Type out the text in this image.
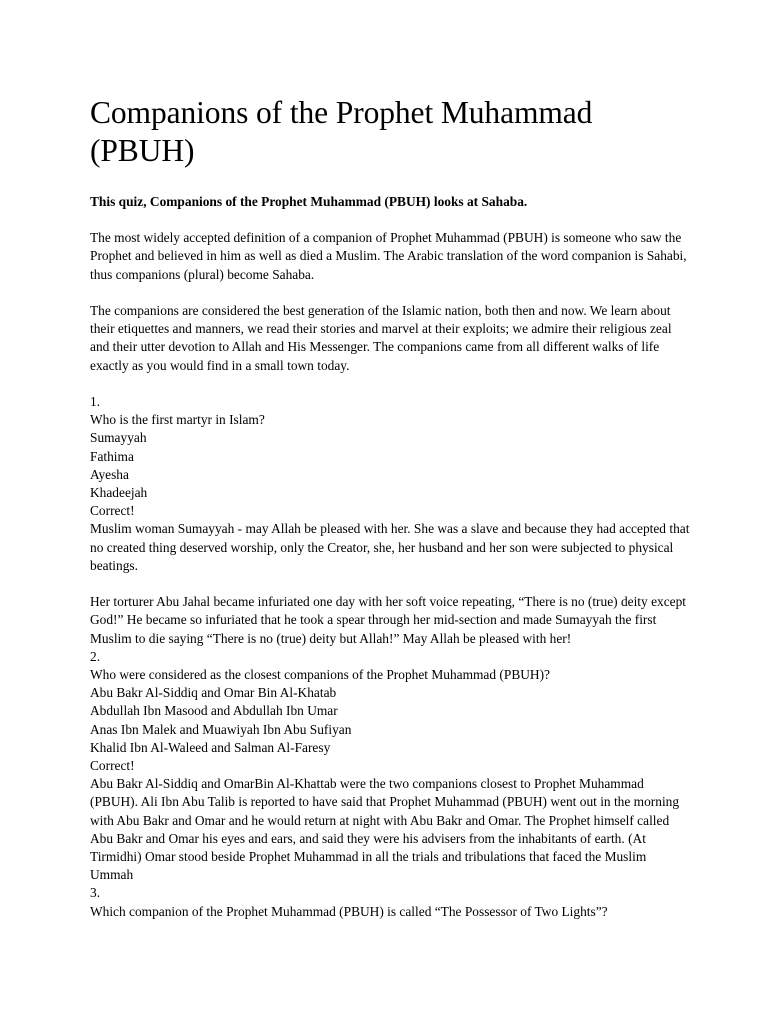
Companions of the Prophet Muhammad (PBUH)

This quiz, Companions of the Prophet Muhammad (PBUH) looks at Sahaba.

The most widely accepted definition of a companion of Prophet Muhammad (PBUH) is someone who saw the Prophet and believed in him as well as died a Muslim. The Arabic translation of the word companion is Sahabi, thus companions (plural) become Sahaba.

The companions are considered the best generation of the Islamic nation, both then and now. We learn about their etiquettes and manners, we read their stories and marvel at their exploits; we admire their religious zeal and their utter devotion to Allah and His Messenger. The companions came from all different walks of life exactly as you would find in a small town today.

1.
Who is the first martyr in Islam?
Sumayyah
Fathima
Ayesha
Khadeejah
Correct!

Muslim woman Sumayyah - may Allah be pleased with her. She was a slave and because they had accepted that no created thing deserved worship, only the Creator, she, her husband and her son were subjected to physical beatings.

Her torturer Abu Jahal became infuriated one day with her soft voice repeating, “There is no (true) deity except God!” He became so infuriated that he took a spear through her mid-section and made Sumayyah the first Muslim to die saying “There is no (true) deity but Allah!” May Allah be pleased with her!

2.
Who were considered as the closest companions of the Prophet Muhammad (PBUH)?
Abu Bakr Al-Siddiq and Omar Bin Al-Khatab
Abdullah Ibn Masood and Abdullah Ibn Umar
Anas Ibn Malek and Muawiyah Ibn Abu Sufiyan
Khalid Ibn Al-Waleed and Salman Al-Faresy
Correct!

Abu Bakr Al-Siddiq and OmarBin Al-Khattab were the two companions closest to Prophet Muhammad (PBUH). Ali Ibn Abu Talib is reported to have said that Prophet Muhammad (PBUH) went out in the morning with Abu Bakr and Omar and he would return at night with Abu Bakr and Omar. The Prophet himself called Abu Bakr and Omar his eyes and ears, and said they were his advisers from the inhabitants of earth. (At Tirmidhi) Omar stood beside Prophet Muhammad in all the trials and tribulations that faced the Muslim Ummah

3.
Which companion of the Prophet Muhammad (PBUH) is called “The Possessor of Two Lights”?
